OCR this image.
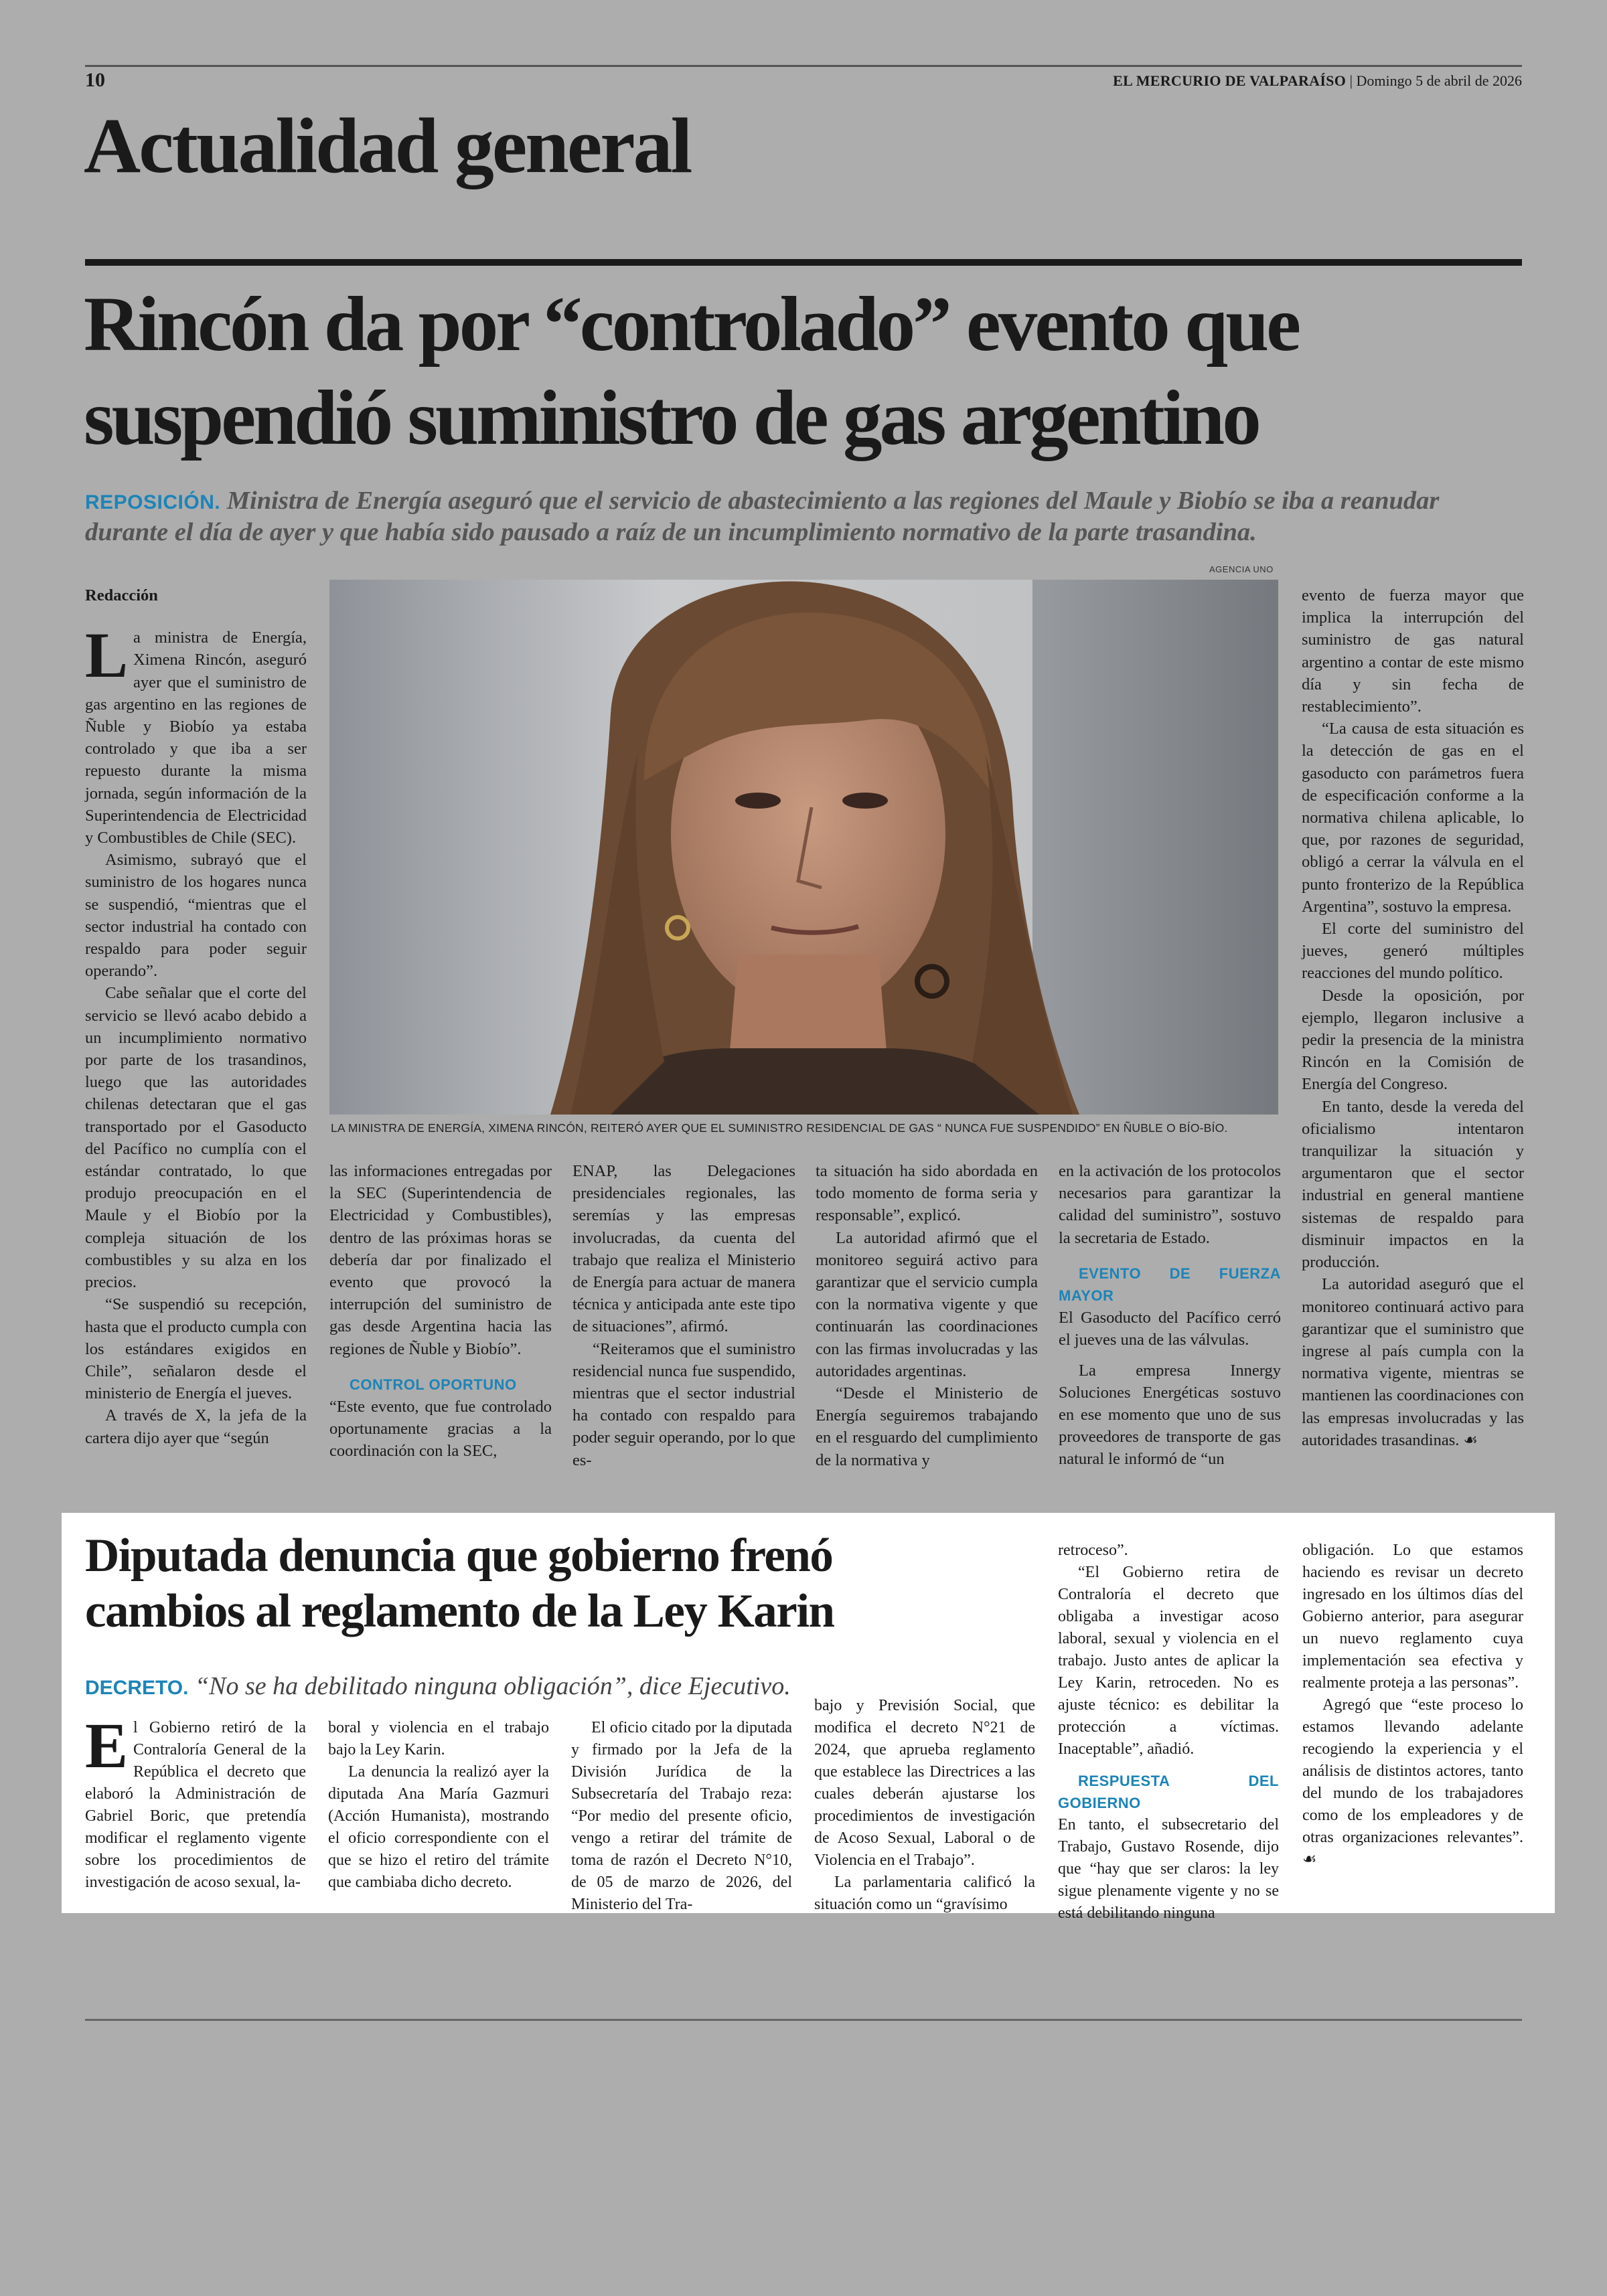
10	EL MERCURIO DE VALPARAÍSO | Domingo 5 de abril de 2026
Actualidad general
Rincón da por “controlado” evento que
suspendió suministro de gas argentino
REPOSICIÓN. Ministra de Energía aseguró que el servicio de abastecimiento a las regiones del Maule y Biobío se iba a reanudar
durante el día de ayer y que había sido pausado a raíz de un incumplimiento normativo de la parte trasandina.
AGENCIA UNO
LA MINISTRA DE ENERGÍA, XIMENA RINCÓN, REITERÓ AYER QUE EL SUMINISTRO RESIDENCIAL DE GAS “ NUNCA FUE SUSPENDIDO” EN ÑUBLE O BÍO-BÍO.

Redacción

La ministra de Energía, Ximena Rincón, aseguró ayer que el suministro de gas argentino en las regiones de Ñuble y Biobío ya estaba controlado y que iba a ser repuesto durante la misma jornada, según información de la Superintendencia de Electricidad y Combustibles de Chile (SEC).

Asimismo, subrayó que el suministro de los hogares nunca se suspendió, “mientras que el sector industrial ha contado con respaldo para poder seguir operando”.

Cabe señalar que el corte del servicio se llevó acabo debido a un incumplimiento normativo por parte de los trasandinos, luego que las autoridades chilenas detectaran que el gas transportado por el Gasoducto del Pacífico no cumplía con el estándar contratado, lo que produjo preocupación en el Maule y el Biobío por la compleja situación de los combustibles y su alza en los precios.

“Se suspendió su recepción, hasta que el producto cumpla con los estándares exigidos en Chile”, señalaron desde el ministerio de Energía el jueves.

A través de X, la jefa de la cartera dijo ayer que “según

las informaciones entregadas por la SEC (Superintendencia de Electricidad y Combustibles), dentro de las próximas horas se debería dar por finalizado el evento que provocó la interrupción del suministro de gas desde Argentina hacia las regiones de Ñuble y Biobío”.

CONTROL OPORTUNO

“Este evento, que fue controlado oportunamente gracias a la coordinación con la SEC,

ENAP, las Delegaciones presidenciales regionales, las seremías y las empresas involucradas, da cuenta del trabajo que realiza el Ministerio de Energía para actuar de manera técnica y anticipada ante este tipo de situaciones”, afirmó.

“Reiteramos que el suministro residencial nunca fue suspendido, mientras que el sector industrial ha contado con respaldo para poder seguir operando, por lo que es-

ta situación ha sido abordada en todo momento de forma seria y responsable”, explicó.

La autoridad afirmó que el monitoreo seguirá activo para garantizar que el servicio cumpla con la normativa vigente y que continuarán las coordinaciones con las firmas involucradas y las autoridades argentinas.

“Desde el Ministerio de Energía seguiremos trabajando en el resguardo del cumplimiento de la normativa y

en la activación de los protocolos necesarios para garantizar la calidad del suministro”, sostuvo la secretaria de Estado.

EVENTO DE FUERZA MAYOR

El Gasoducto del Pacífico cerró el jueves una de las válvulas.

La empresa Innergy Soluciones Energéticas sostuvo en ese momento que uno de sus proveedores de transporte de gas natural le informó de “un

evento de fuerza mayor que implica la interrupción del suministro de gas natural argentino a contar de este mismo día y sin fecha de restablecimiento”.

“La causa de esta situación es la detección de gas en el gasoducto con parámetros fuera de especificación conforme a la normativa chilena aplicable, lo que, por razones de seguridad, obligó a cerrar la válvula en el punto fronterizo de la República Argentina”, sostuvo la empresa.

El corte del suministro del jueves, generó múltiples reacciones del mundo político.

Desde la oposición, por ejemplo, llegaron inclusive a pedir la presencia de la ministra Rincón en la Comisión de Energía del Congreso.

En tanto, desde la vereda del oficialismo intentaron tranquilizar la situación y argumentaron que el sector industrial en general mantiene sistemas de respaldo para disminuir impactos en la producción.

La autoridad aseguró que el monitoreo continuará activo para garantizar que el suministro que ingrese al país cumpla con la normativa vigente, mientras se mantienen las coordinaciones con las empresas involucradas y las autoridades trasandinas. ☙

Diputada denuncia que gobierno frenó
cambios al reglamento de la Ley Karin
DECRETO. “No se ha debilitado ninguna obligación”, dice Ejecutivo.

El Gobierno retiró de la Contraloría General de la República el decreto que elaboró la Administración de Gabriel Boric, que pretendía modificar el reglamento vigente sobre los procedimientos de investigación de acoso sexual, la-

boral y violencia en el trabajo bajo la Ley Karin.

La denuncia la realizó ayer la diputada Ana María Gazmuri (Acción Humanista), mostrando el oficio correspondiente con el que se hizo el retiro del trámite que cambiaba dicho decreto.

El oficio citado por la diputada y firmado por la Jefa de la División Jurídica de la Subsecretaría del Trabajo reza: “Por medio del presente oficio, vengo a retirar del trámite de toma de razón el Decreto N°10, de 05 de marzo de 2026, del Ministerio del Tra-

bajo y Previsión Social, que modifica el decreto N°21 de 2024, que aprueba reglamento que establece las Directrices a las cuales deberán ajustarse los procedimientos de investigación de Acoso Sexual, Laboral o de Violencia en el Trabajo”.

La parlamentaria calificó la situación como un “gravísimo

retroceso”.

“El Gobierno retira de Contraloría el decreto que obligaba a investigar acoso laboral, sexual y violencia en el trabajo. Justo antes de aplicar la Ley Karin, retroceden. No es ajuste técnico: es debilitar la protección a víctimas. Inaceptable”, añadió.

RESPUESTA DEL GOBIERNO

En tanto, el subsecretario del Trabajo, Gustavo Rosende, dijo que “hay que ser claros: la ley sigue plenamente vigente y no se está debilitando ninguna

obligación. Lo que estamos haciendo es revisar un decreto ingresado en los últimos días del Gobierno anterior, para asegurar un nuevo reglamento cuya implementación sea efectiva y realmente proteja a las personas”.

Agregó que “este proceso lo estamos llevando adelante recogiendo la experiencia y el análisis de distintos actores, tanto del mundo de los trabajadores como de los empleadores y de otras organizaciones relevantes”. ☙
